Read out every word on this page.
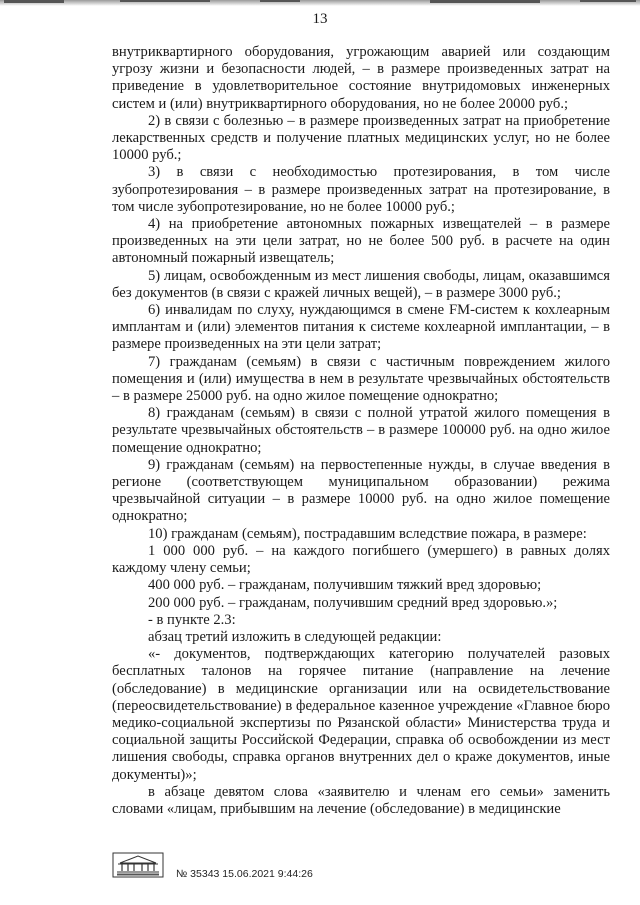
13

внутриквартирного оборудования, угрожающим аварией или создающим угрозу жизни и безопасности людей, – в размере произведенных затрат на приведение в удовлетворительное состояние внутридомовых инженерных систем и (или) внутриквартирного оборудования, но не более 20000 руб.;

2) в связи с болезнью – в размере произведенных затрат на приобретение лекарственных средств и получение платных медицинских услуг, но не более 10000 руб.;

3) в связи с необходимостью протезирования, в том числе зубопротезирования – в размере произведенных затрат на протезирование, в том числе зубопротезирование, но не более 10000 руб.;

4) на приобретение автономных пожарных извещателей – в размере произведенных на эти цели затрат, но не более 500 руб. в расчете на один автономный пожарный извещатель;

5) лицам, освобожденным из мест лишения свободы, лицам, оказавшимся без документов (в связи с кражей личных вещей), – в размере 3000 руб.;

6) инвалидам по слуху, нуждающимся в смене FM-систем к кохлеарным имплантам и (или) элементов питания к системе кохлеарной имплантации, – в размере произведенных на эти цели затрат;

7) гражданам (семьям) в связи с частичным повреждением жилого помещения и (или) имущества в нем в результате чрезвычайных обстоятельств – в размере 25000 руб. на одно жилое помещение однократно;

8) гражданам (семьям) в связи с полной утратой жилого помещения в результате чрезвычайных обстоятельств – в размере 100000 руб. на одно жилое помещение однократно;

9) гражданам (семьям) на первостепенные нужды, в случае введения в регионе (соответствующем муниципальном образовании) режима чрезвычайной ситуации – в размере 10000 руб. на одно жилое помещение однократно;

10) гражданам (семьям), пострадавшим вследствие пожара, в размере:

1 000 000 руб. – на каждого погибшего (умершего) в равных долях каждому члену семьи;

400 000 руб. – гражданам, получившим тяжкий вред здоровью;

200 000 руб. – гражданам, получившим средний вред здоровью.»;

- в пункте 2.3:

абзац третий изложить в следующей редакции:

«- документов, подтверждающих категорию получателей разовых бесплатных талонов на горячее питание (направление на лечение (обследование) в медицинские организации или на освидетельствование (переосвидетельствование) в федеральное казенное учреждение «Главное бюро медико-социальной экспертизы по Рязанской области» Министерства труда и социальной защиты Российской Федерации, справка об освобождении из мест лишения свободы, справка органов внутренних дел о краже документов, иные документы)»;

в абзаце девятом слова «заявителю и членам его семьи» заменить словами «лицам, прибывшим на лечение (обследование) в медицинские

№ 35343 15.06.2021 9:44:26
